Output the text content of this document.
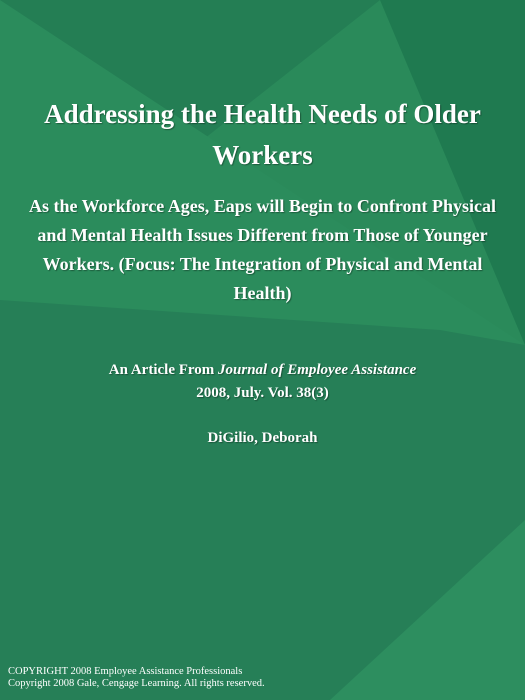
Addressing the Health Needs of Older Workers
As the Workforce Ages, Eaps will Begin to Confront Physical and Mental Health Issues Different from Those of Younger Workers. (Focus: The Integration of Physical and Mental Health)
An Article From Journal of Employee Assistance
2008, July. Vol. 38(3)
DiGilio, Deborah
COPYRIGHT 2008 Employee Assistance Professionals
Copyright 2008 Gale, Cengage Learning. All rights reserved.
